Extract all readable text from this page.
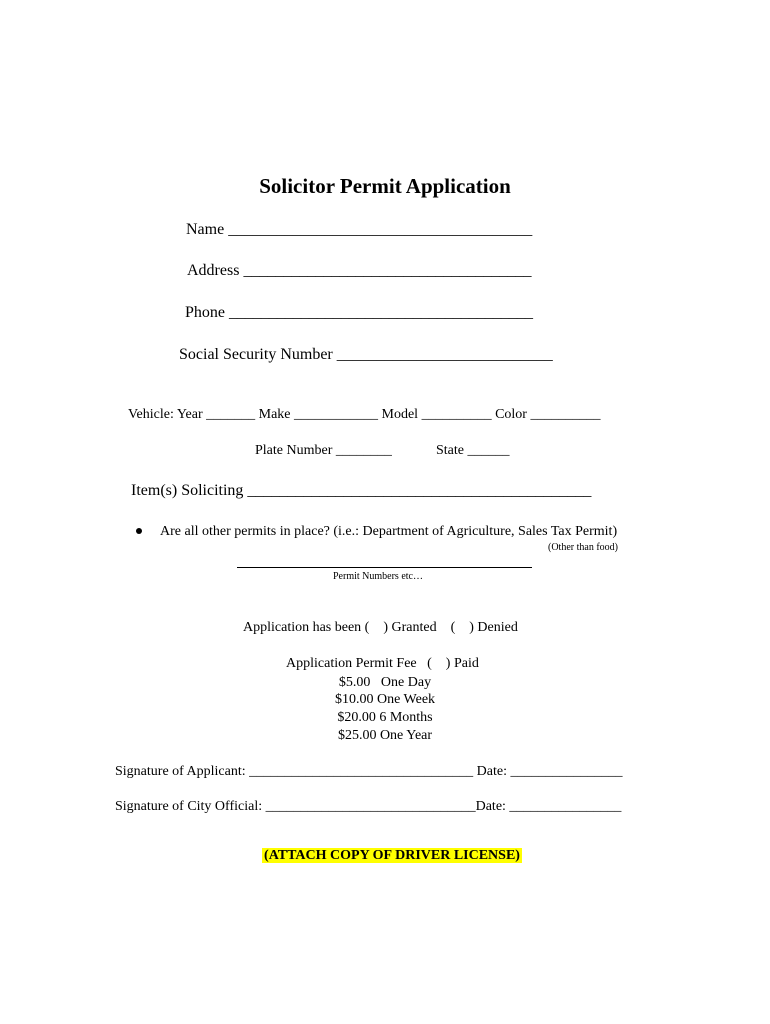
Solicitor Permit Application
Name ______________________________________
Address ____________________________________
Phone ______________________________________
Social Security Number ___________________________
Vehicle: Year _______ Make ____________ Model __________ Color __________
Plate Number ________	State ______
Item(s) Soliciting ___________________________________________
Are all other permits in place? (i.e.: Department of Agriculture, Sales Tax Permit)
(Other than food)
Permit Numbers etc…
Application has been (    ) Granted    (    ) Denied
Application Permit Fee   (    ) Paid
$5.00   One Day
$10.00 One Week
$20.00 6 Months
$25.00 One Year
Signature of Applicant: ________________________________ Date: ________________
Signature of City Official: ______________________________Date: ________________

(ATTACH COPY OF DRIVER LICENSE)
